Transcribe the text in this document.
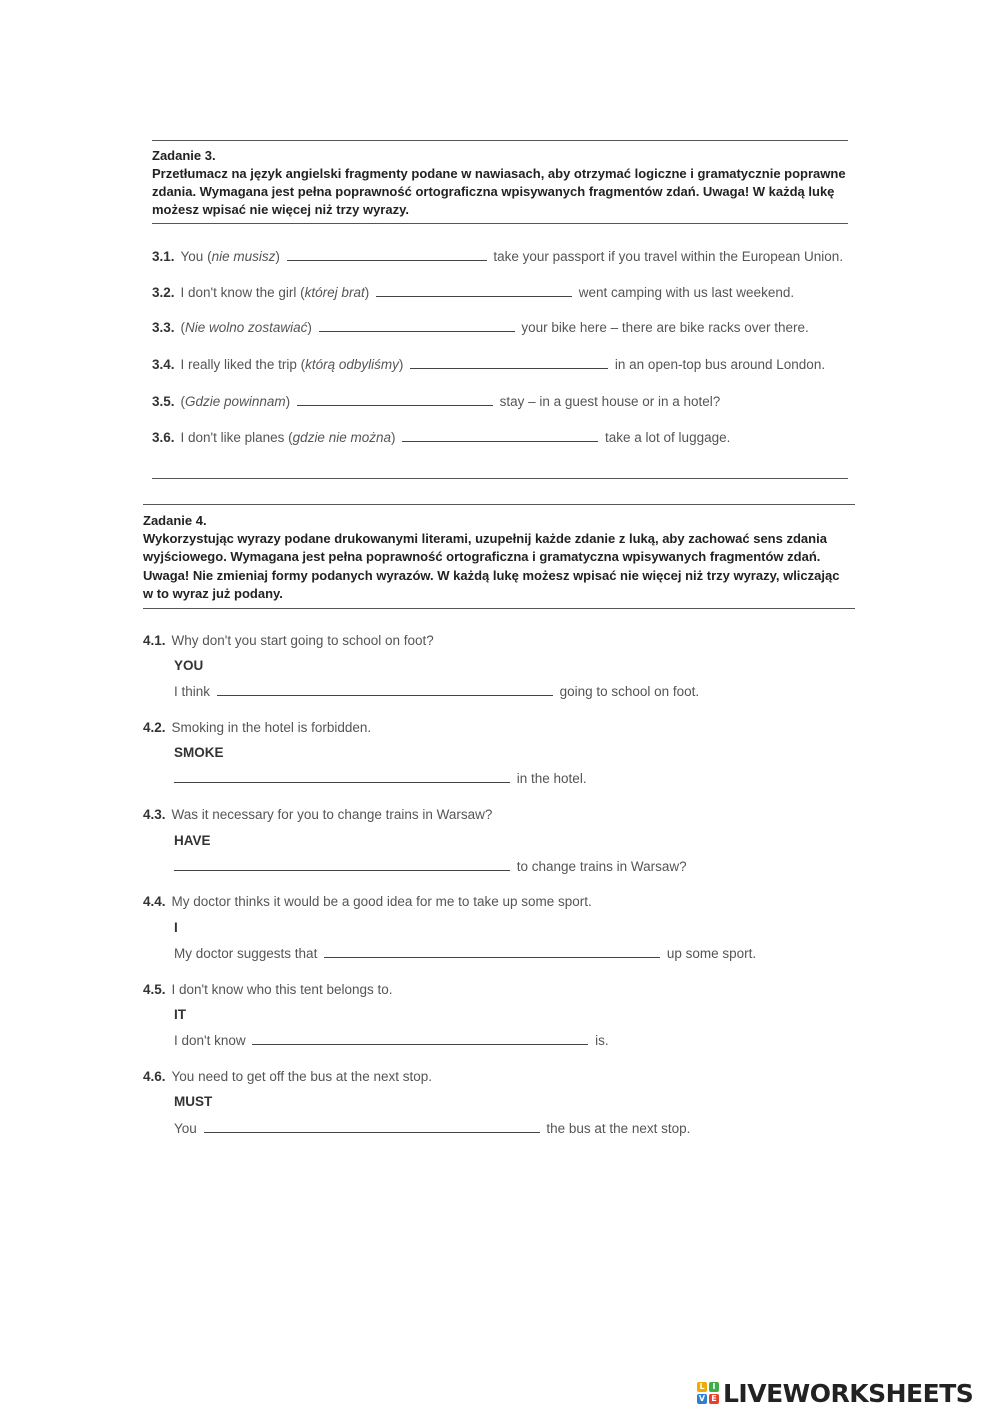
Zadanie 3.
Przetłumacz na język angielski fragmenty podane w nawiasach, aby otrzymać logiczne i gramatycznie poprawne
zdania. Wymagana jest pełna poprawność ortograficzna wpisywanych fragmentów zdań. Uwaga! W każdą lukę
możesz wpisać nie więcej niż trzy wyrazy.
3.1. You (nie musisz)	take your passport if you travel within the European Union.
3.2. I don't know the girl (której brat)	went camping with us last weekend.
3.3. (Nie wolno zostawiać)	your bike here – there are bike racks over there.
3.4. I really liked the trip (którą odbyliśmy)	in an open-top bus around London.
3.5. (Gdzie powinnam)	stay – in a guest house or in a hotel?
3.6. I don't like planes (gdzie nie można)	take a lot of luggage.
Zadanie 4.
Wykorzystując wyrazy podane drukowanymi literami, uzupełnij każde zdanie z luką, aby zachować sens zdania
wyjściowego. Wymagana jest pełna poprawność ortograficzna i gramatyczna wpisywanych fragmentów zdań.
Uwaga! Nie zmieniaj formy podanych wyrazów. W każdą lukę możesz wpisać nie więcej niż trzy wyrazy, wliczając
w to wyraz już podany.
4.1. Why don't you start going to school on foot?
YOU
I think	going to school on foot.
4.2. Smoking in the hotel is forbidden.
SMOKE
in the hotel.
4.3. Was it necessary for you to change trains in Warsaw?
HAVE
to change trains in Warsaw?
4.4. My doctor thinks it would be a good idea for me to take up some sport.
I
My doctor suggests that	up some sport.
4.5. I don't know who this tent belongs to.
IT
I don't know	is.
4.6. You need to get off the bus at the next stop.
MUST
You	the bus at the next stop.
L I
V E LIVEWORKSHEETS
